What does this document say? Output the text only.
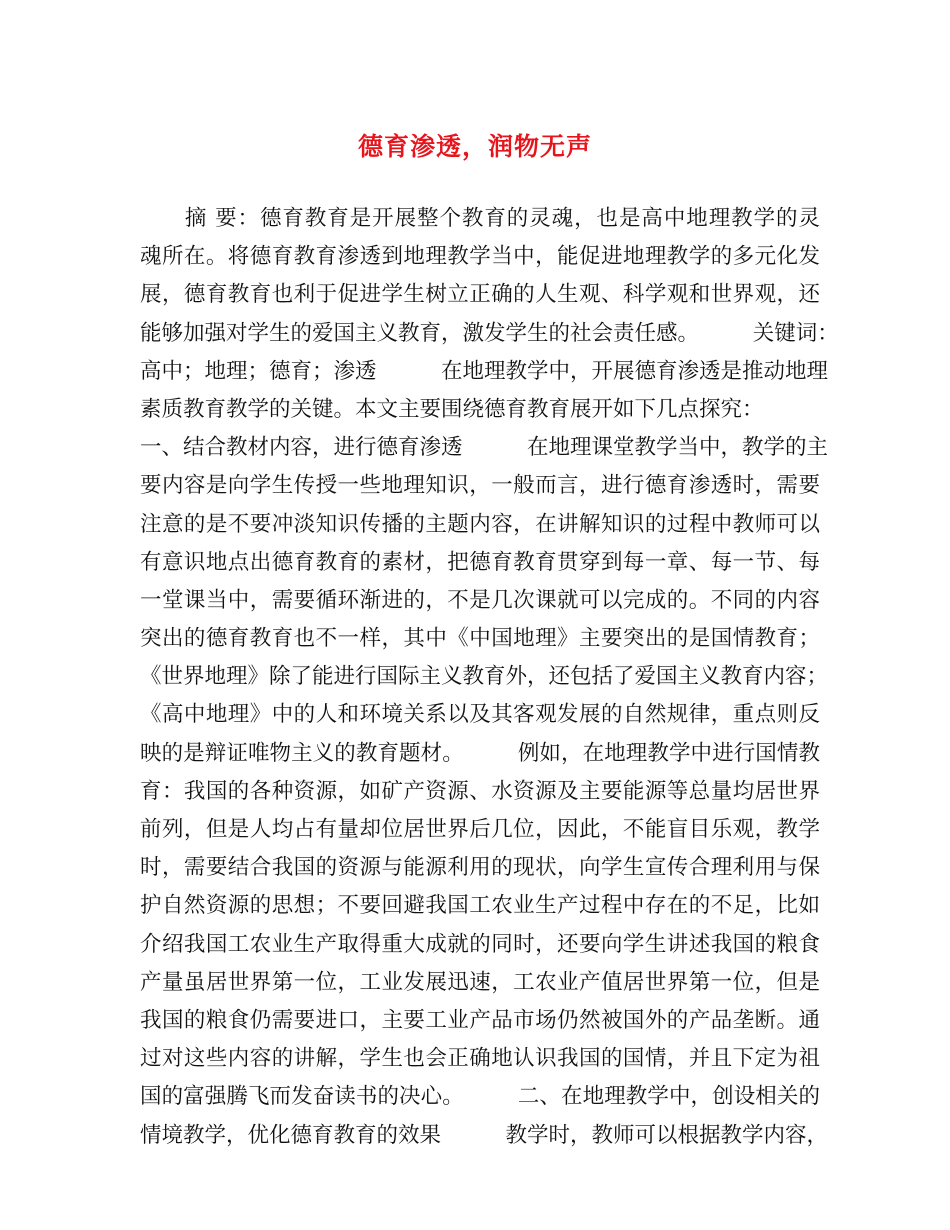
德育渗透，润物无声
　　摘 要：德育教育是开展整个教育的灵魂，也是高中地理教学的灵
魂所在。将德育教育渗透到地理教学当中，能促进地理教学的多元化发
展，德育教育也利于促进学生树立正确的人生观、科学观和世界观，还
能够加强对学生的爱国主义教育，激发学生的社会责任感。　　　关键词：
高中；地理；德育；渗透　　　在地理教学中，开展德育渗透是推动地理
素质教育教学的关键。本文主要围绕德育教育展开如下几点探究：
一、结合教材内容，进行德育渗透　　　在地理课堂教学当中，教学的主
要内容是向学生传授一些地理知识，一般而言，进行德育渗透时，需要
注意的是不要冲淡知识传播的主题内容，在讲解知识的过程中教师可以
有意识地点出德育教育的素材，把德育教育贯穿到每一章、每一节、每
一堂课当中，需要循环渐进的，不是几次课就可以完成的。不同的内容
突出的德育教育也不一样，其中《中国地理》主要突出的是国情教育；
《世界地理》除了能进行国际主义教育外，还包括了爱国主义教育内容；
《高中地理》中的人和环境关系以及其客观发展的自然规律，重点则反
映的是辩证唯物主义的教育题材。　　　例如，在地理教学中进行国情教
育：我国的各种资源，如矿产资源、水资源及主要能源等总量均居世界
前列，但是人均占有量却位居世界后几位，因此，不能盲目乐观，教学
时，需要结合我国的资源与能源利用的现状，向学生宣传合理利用与保
护自然资源的思想；不要回避我国工农业生产过程中存在的不足，比如
介绍我国工农业生产取得重大成就的同时，还要向学生讲述我国的粮食
产量虽居世界第一位，工业发展迅速，工农业产值居世界第一位，但是
我国的粮食仍需要进口，主要工业产品市场仍然被国外的产品垄断。通
过对这些内容的讲解，学生也会正确地认识我国的国情，并且下定为祖
国的富强腾飞而发奋读书的决心。　　　二、在地理教学中，创设相关的
情境教学，优化德育教育的效果　　　教学时，教师可以根据教学内容，
